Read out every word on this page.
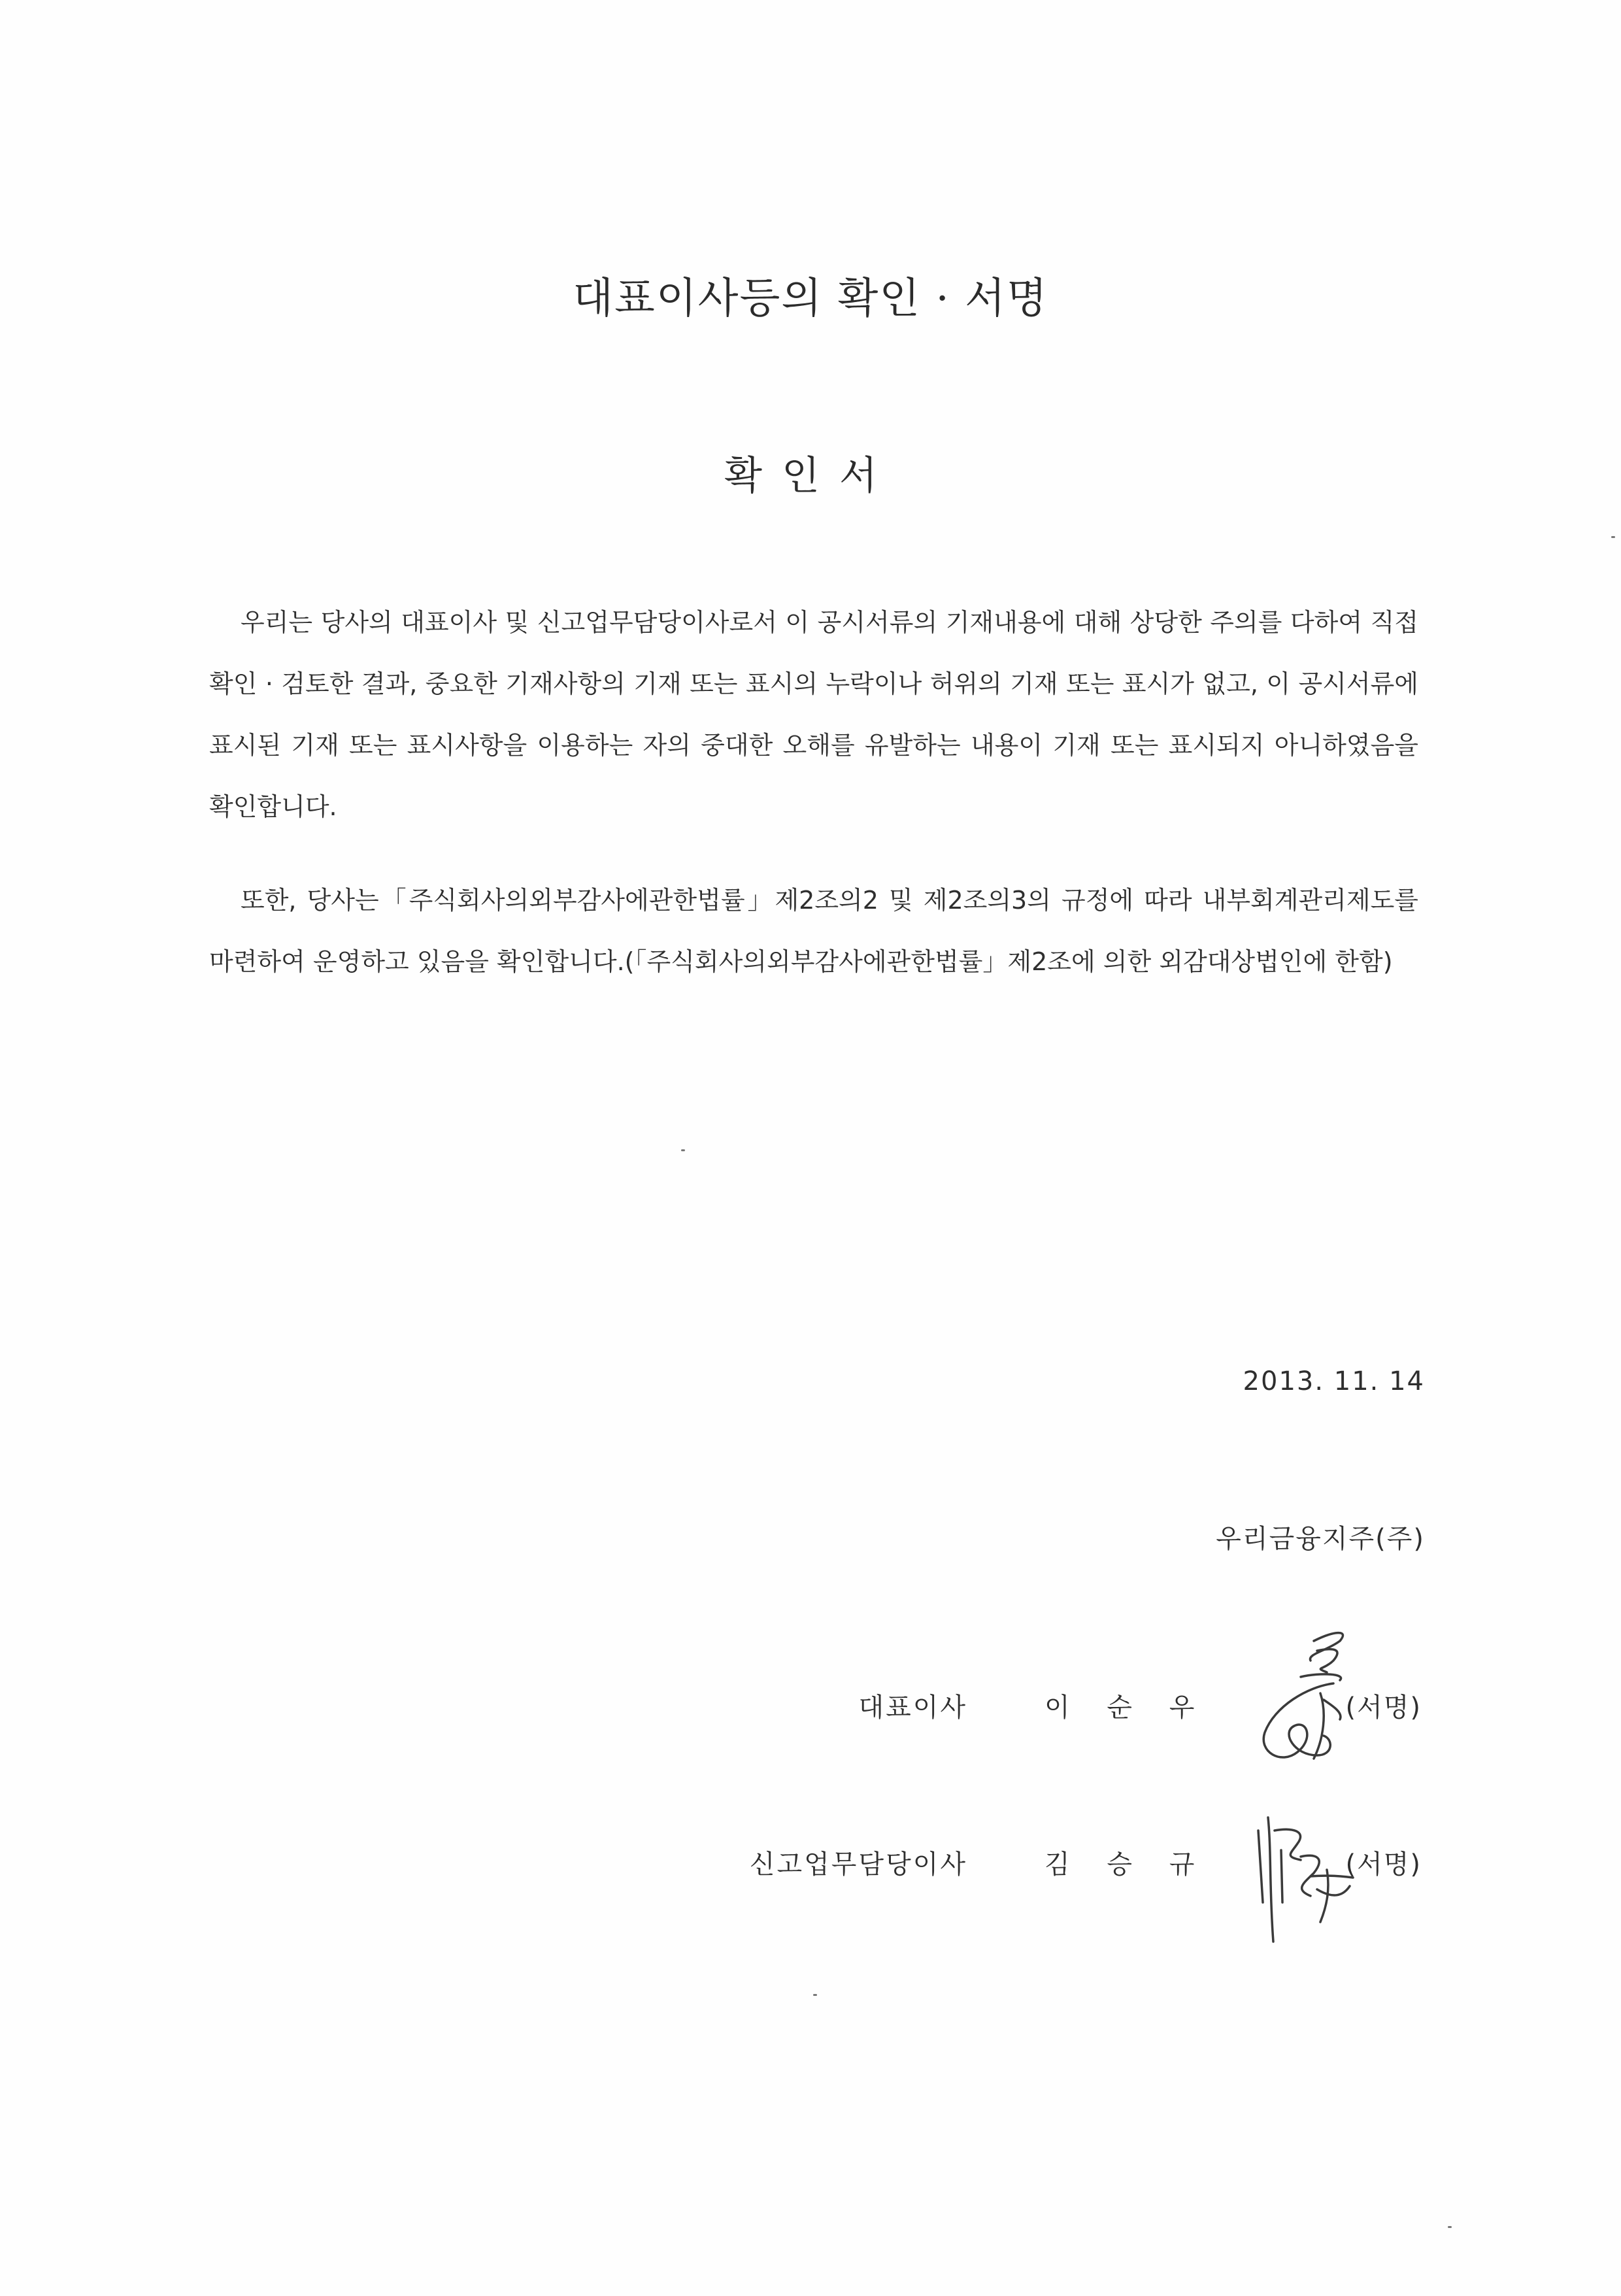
대표이사등의 확인 · 서명
확인서
우리는 당사의 대표이사 및 신고업무담당이사로서 이 공시서류의 기재내용에 대해 상당한 주의를 다하여 직접 확인 · 검토한 결과, 중요한 기재사항의 기재 또는 표시의 누락이나 허위의 기재 또는 표시가 없고, 이 공시서류에 표시된 기재 또는 표시사항을 이용하는 자의 중대한 오해를 유발하는 내용이 기재 또는 표시되지 아니하였음을 확인합니다.
또한, 당사는「주식회사의외부감사에관한법률」제2조의2 및 제2조의3의 규정에 따라 내부회계관리제도를 마련하여 운영하고 있음을 확인합니다.(「주식회사의외부감사에관한법률」제2조에 의한 외감대상법인에 한함)
2013. 11. 14
우리금융지주(주)
대표이사	이 순 우	(서명)
신고업무담당이사	김 승 규	(서명)
